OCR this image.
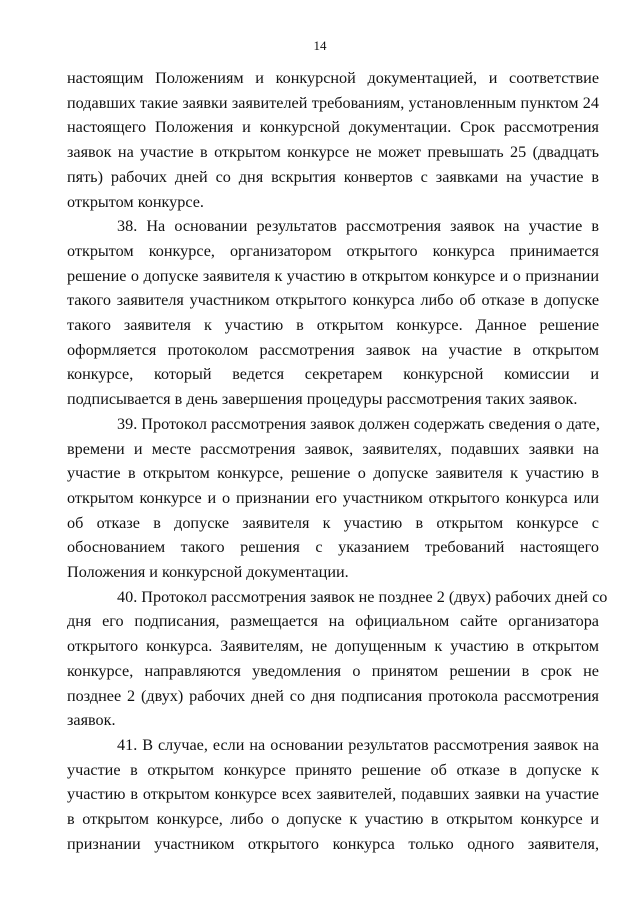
14

настоящим Положениям и конкурсной документацией, и соответствие
подавших такие заявки заявителей требованиям, установленным пунктом 24
настоящего Положения и конкурсной документации. Срок рассмотрения
заявок на участие в открытом конкурсе не может превышать 25 (двадцать
пять) рабочих дней со дня вскрытия конвертов с заявками на участие в
открытом конкурсе.

38. На основании результатов рассмотрения заявок на участие в
открытом конкурсе, организатором открытого конкурса принимается
решение о допуске заявителя к участию в открытом конкурсе и о признании
такого заявителя участником открытого конкурса либо об отказе в допуске
такого заявителя к участию в открытом конкурсе. Данное решение
оформляется протоколом рассмотрения заявок на участие в открытом
конкурсе, который ведется секретарем конкурсной комиссии и
подписывается в день завершения процедуры рассмотрения таких заявок.

39. Протокол рассмотрения заявок должен содержать сведения о дате,
времени и месте рассмотрения заявок, заявителях, подавших заявки на
участие в открытом конкурсе, решение о допуске заявителя к участию в
открытом конкурсе и о признании его участником открытого конкурса или
об отказе в допуске заявителя к участию в открытом конкурсе с
обоснованием такого решения с указанием требований настоящего
Положения и конкурсной документации.

40. Протокол рассмотрения заявок не позднее 2 (двух) рабочих дней со
дня его подписания, размещается на официальном сайте организатора
открытого конкурса. Заявителям, не допущенным к участию в открытом
конкурсе, направляются уведомления о принятом решении в срок не
позднее 2 (двух) рабочих дней со дня подписания протокола рассмотрения
заявок.

41. В случае, если на основании результатов рассмотрения заявок на
участие в открытом конкурсе принято решение об отказе в допуске к
участию в открытом конкурсе всех заявителей, подавших заявки на участие
в открытом конкурсе, либо о допуске к участию в открытом конкурсе и
признании участником открытого конкурса только одного заявителя,
